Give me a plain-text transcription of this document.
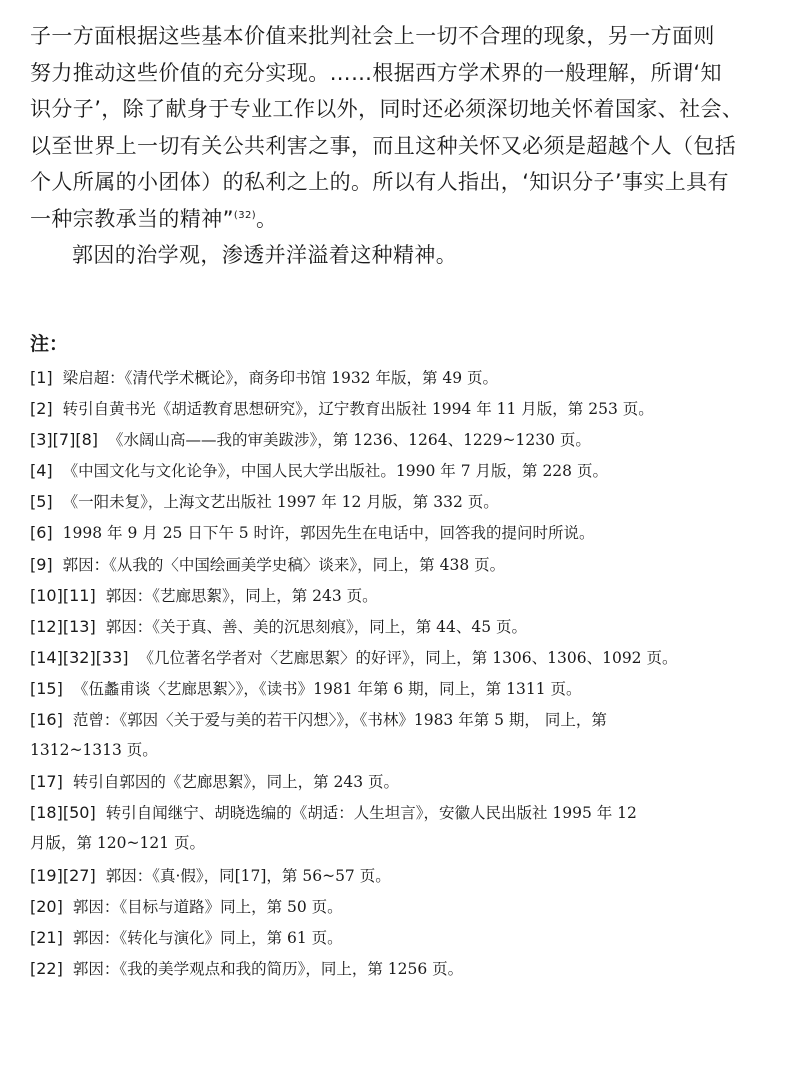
子一方面根据这些基本价值来批判社会上一切不合理的现象，另一方面则
努力推动这些价值的充分实现。……根据西方学术界的一般理解，所谓‘知
识分子’，除了献身于专业工作以外，同时还必须深切地关怀着国家、社会、
以至世界上一切有关公共利害之事，而且这种关怀又必须是超越个人（包括
个人所属的小团体）的私利之上的。所以有人指出，‘知识分子’事实上具有
一种宗教承当的精神”$^{(32)}$。
郭因的治学观，渗透并洋溢着这种精神。
注：
[1] 梁启超：《清代学术概论》，商务印书馆 1932 年版，第 49 页。
[2] 转引自黄书光《胡适教育思想研究》，辽宁教育出版社 1994 年 11 月版，第 253 页。
[3][7][8] 《水阔山高——我的审美跋涉》，第 1236、1264、1229~1230 页。
[4] 《中国文化与文化论争》，中国人民大学出版社。1990 年 7 月版，第 228 页。
[5] 《一阳未复》，上海文艺出版社 1997 年 12 月版，第 332 页。
[6] 1998 年 9 月 25 日下午 5 时许，郭因先生在电话中，回答我的提问时所说。
[9] 郭因：《从我的〈中国绘画美学史稿〉谈来》，同上，第 438 页。
[10][11] 郭因：《艺廊思絮》，同上，第 243 页。
[12][13] 郭因：《关于真、善、美的沉思刻痕》，同上，第 44、45 页。
[14][32][33] 《几位著名学者对〈艺廊思絮〉的好评》，同上，第 1306、1306、1092 页。
[15] 《伍蠡甫谈〈艺廊思絮〉》，《读书》1981 年第 6 期，同上，第 1311 页。
[16] 范曾：《郭因〈关于爱与美的若干闪想〉》，《书林》1983 年第 5 期， 同上，第
1312~1313 页。
[17] 转引自郭因的《艺廊思絮》，同上，第 243 页。
[18][50] 转引自闻继宁、胡晓选编的《胡适：人生坦言》，安徽人民出版社 1995 年 12
月版，第 120~121 页。
[19][27] 郭因：《真·假》，同[17]，第 56~57 页。
[20] 郭因：《目标与道路》同上，第 50 页。
[21] 郭因：《转化与演化》同上，第 61 页。
[22] 郭因：《我的美学观点和我的简历》，同上，第 1256 页。
